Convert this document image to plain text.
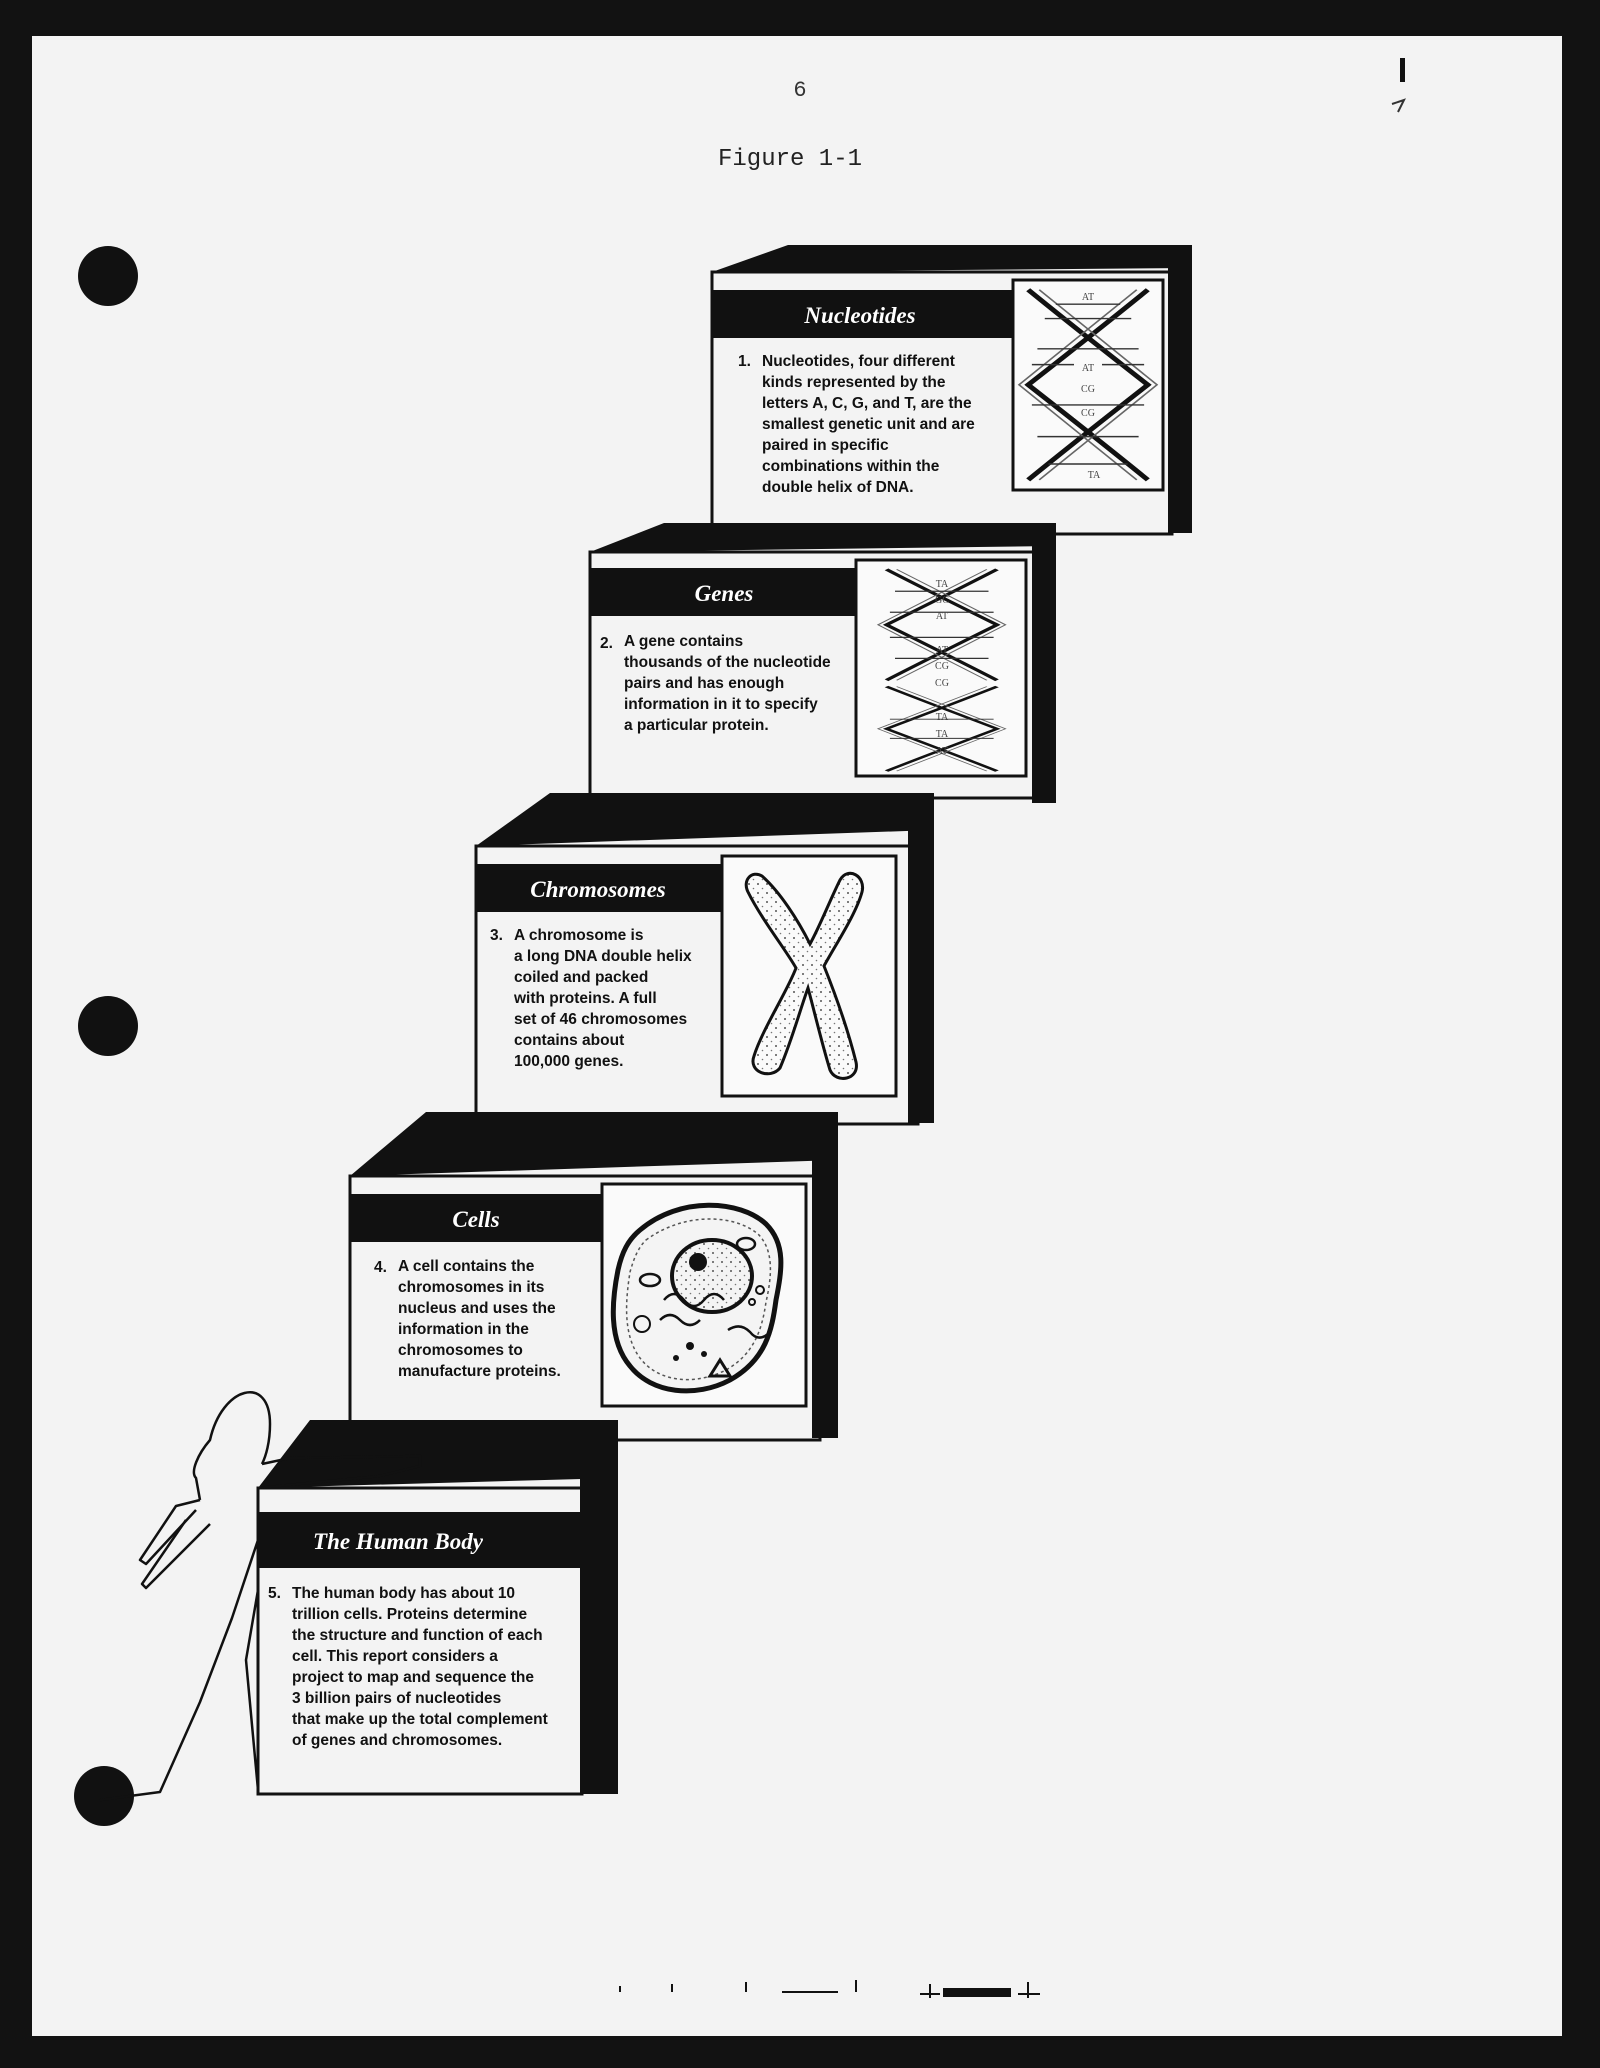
6
Figure 1-1
Nucleotides
1. Nucleotides, four different kinds represented by the letters A, C, G, and T, are the smallest genetic unit and are paired in specific combinations within the double helix of DNA.
AT
AT
CG
CG
TA
Genes
2. A gene contains thousands of the nucleotide pairs and has enough information in it to specify a particular protein.
TA
GC
AT
AT
CG
CG
TA
TA
AT
Chromosomes
3. A chromosome is a long DNA double helix coiled and packed with proteins. A full set of 46 chromosomes contains about 100,000 genes.
Cells
4. A cell contains the chromosomes in its nucleus and uses the information in the chromosomes to manufacture proteins.
The Human Body
5. The human body has about 10 trillion cells. Proteins determine the structure and function of each cell. This report considers a project to map and sequence the 3 billion pairs of nucleotides that make up the total complement of genes and chromosomes.
